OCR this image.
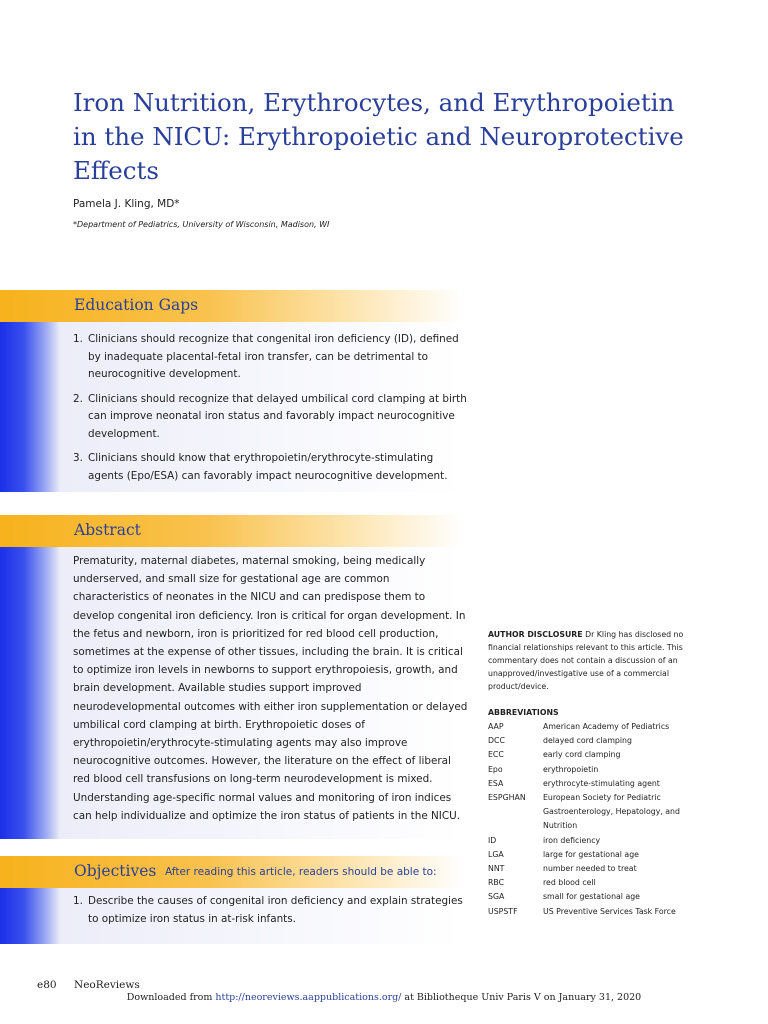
Iron Nutrition, Erythrocytes, and Erythropoietin in the NICU: Erythropoietic and Neuroprotective Effects
Pamela J. Kling, MD*
*Department of Pediatrics, University of Wisconsin, Madison, WI
Education Gaps
1. Clinicians should recognize that congenital iron deficiency (ID), defined by inadequate placental-fetal iron transfer, can be detrimental to neurocognitive development.
2. Clinicians should recognize that delayed umbilical cord clamping at birth can improve neonatal iron status and favorably impact neurocognitive development.
3. Clinicians should know that erythropoietin/erythrocyte-stimulating agents (Epo/ESA) can favorably impact neurocognitive development.
Abstract

Prematurity, maternal diabetes, maternal smoking, being medically underserved, and small size for gestational age are common characteristics of neonates in the NICU and can predispose them to develop congenital iron deficiency. Iron is critical for organ development. In the fetus and newborn, iron is prioritized for red blood cell production, sometimes at the expense of other tissues, including the brain. It is critical to optimize iron levels in newborns to support erythropoiesis, growth, and brain development. Available studies support improved neurodevelopmental outcomes with either iron supplementation or delayed umbilical cord clamping at birth. Erythropoietic doses of erythropoietin/erythrocyte-stimulating agents may also improve neurocognitive outcomes. However, the literature on the effect of liberal red blood cell transfusions on long-term neurodevelopment is mixed. Understanding age-specific normal values and monitoring of iron indices can help individualize and optimize the iron status of patients in the NICU.

Objectives After reading this article, readers should be able to:
1. Describe the causes of congenital iron deficiency and explain strategies to optimize iron status in at-risk infants.

AUTHOR DISCLOSURE Dr Kling has disclosed no financial relationships relevant to this article. This commentary does not contain a discussion of an unapproved/investigative use of a commercial product/device.

ABBREVIATIONS
AAP	American Academy of Pediatrics
DCC	delayed cord clamping
ECC	early cord clamping
Epo	erythropoietin
ESA	erythrocyte-stimulating agent
ESPGHAN	European Society for Pediatric Gastroenterology, Hepatology, and Nutrition
ID	iron deficiency
LGA	large for gestational age
NNT	number needed to treat
RBC	red blood cell
SGA	small for gestational age
USPSTF	US Preventive Services Task Force
e80 NeoReviews
Downloaded from http://neoreviews.aappublications.org/ at Bibliotheque Univ Paris V on January 31, 2020
